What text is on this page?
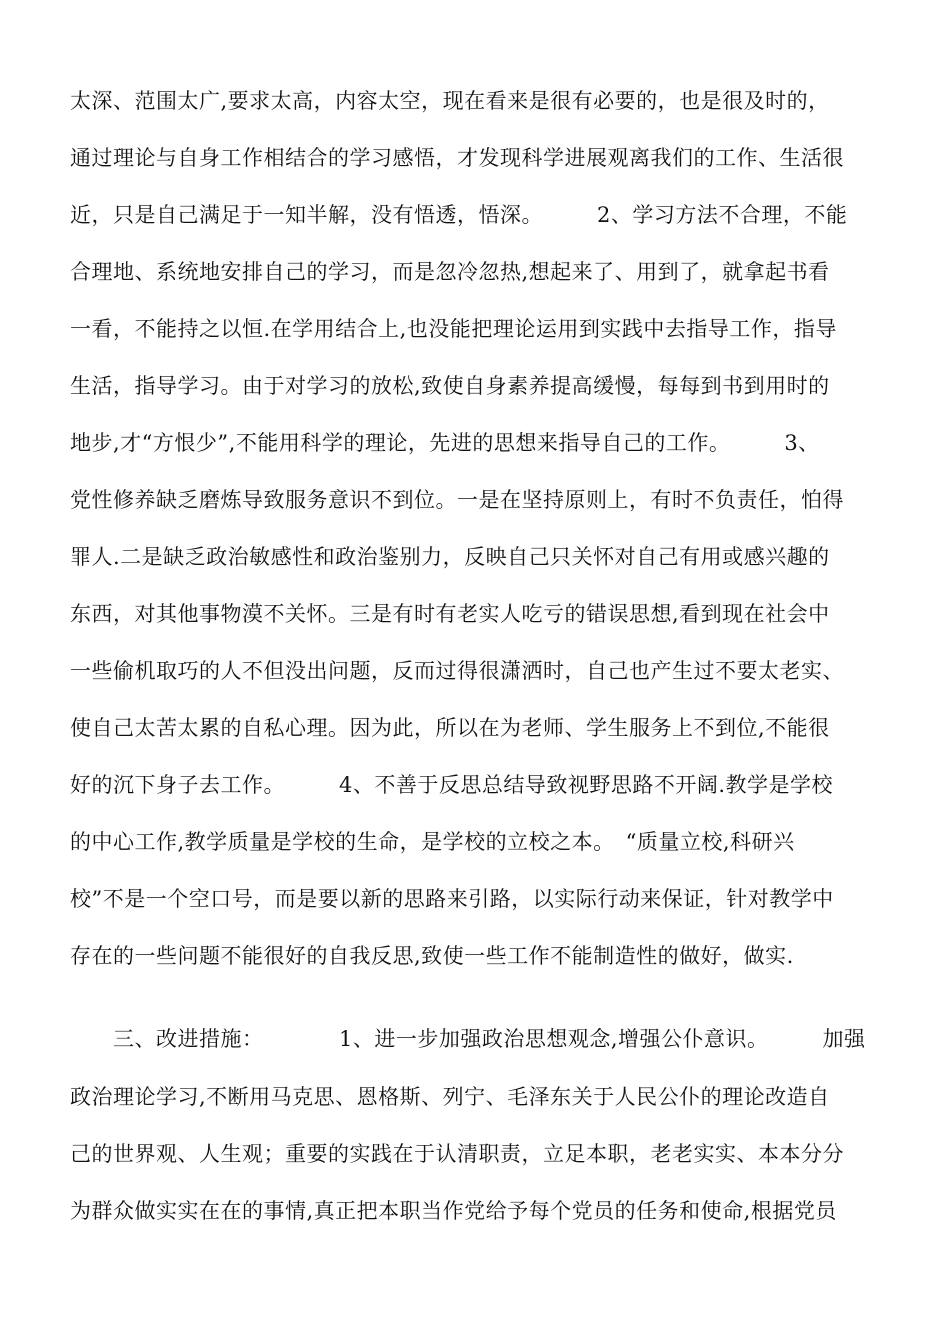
太深、范围太广,要求太高，内容太空，现在看来是很有必要的，也是很及时的，
通过理论与自身工作相结合的学习感悟，才发现科学进展观离我们的工作、生活很
近，只是自己满足于一知半解，没有悟透，悟深。　　　2、学习方法不合理，不能
合理地、系统地安排自己的学习，而是忽冷忽热,想起来了、用到了，就拿起书看
一看，不能持之以恒.在学用结合上,也没能把理论运用到实践中去指导工作，指导
生活，指导学习。由于对学习的放松,致使自身素养提高缓慢，每每到书到用时的
地步,才“方恨少”,不能用科学的理论，先进的思想来指导自己的工作。　　　3、
党性修养缺乏磨炼导致服务意识不到位。一是在坚持原则上，有时不负责任，怕得
罪人.二是缺乏政治敏感性和政治鉴别力，反映自己只关怀对自己有用或感兴趣的
东西，对其他事物漠不关怀。三是有时有老实人吃亏的错误思想,看到现在社会中
一些偷机取巧的人不但没出问题，反而过得很潇洒时，自己也产生过不要太老实、
使自己太苦太累的自私心理。因为此，所以在为老师、学生服务上不到位,不能很
好的沉下身子去工作。　　　4、不善于反思总结导致视野思路不开阔.教学是学校
的中心工作,教学质量是学校的生命，是学校的立校之本。　“质量立校,科研兴
校”不是一个空口号，而是要以新的思路来引路，以实际行动来保证，针对教学中
存在的一些问题不能很好的自我反思,致使一些工作不能制造性的做好，做实.
　　三、改进措施：　　　　1、进一步加强政治思想观念,增强公仆意识。　　　加强
政治理论学习,不断用马克思、恩格斯、列宁、毛泽东关于人民公仆的理论改造自
己的世界观、人生观；重要的实践在于认清职责，立足本职，老老实实、本本分分
为群众做实实在在的事情,真正把本职当作党给予每个党员的任务和使命,根据党员
